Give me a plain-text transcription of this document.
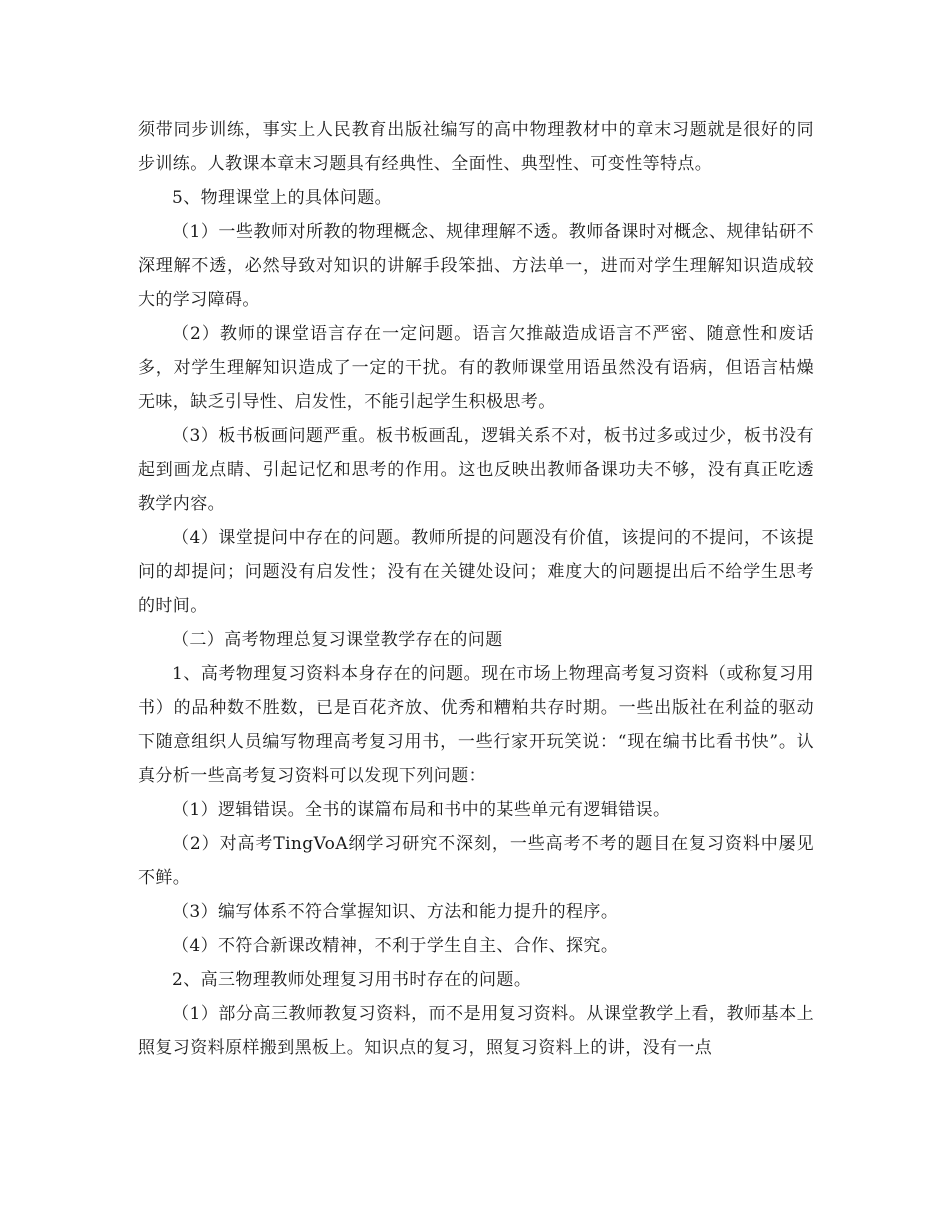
须带同步训练，事实上人民教育出版社编写的高中物理教材中的章末习题就是很好的同步训练。人教课本章末习题具有经典性、全面性、典型性、可变性等特点。

5、物理课堂上的具体问题。

（1）一些教师对所教的物理概念、规律理解不透。教师备课时对概念、规律钻研不深理解不透，必然导致对知识的讲解手段笨拙、方法单一，进而对学生理解知识造成较大的学习障碍。

（2）教师的课堂语言存在一定问题。语言欠推敲造成语言不严密、随意性和废话多，对学生理解知识造成了一定的干扰。有的教师课堂用语虽然没有语病，但语言枯燥无味，缺乏引导性、启发性，不能引起学生积极思考。

（3）板书板画问题严重。板书板画乱，逻辑关系不对，板书过多或过少，板书没有起到画龙点睛、引起记忆和思考的作用。这也反映出教师备课功夫不够，没有真正吃透教学内容。

（4）课堂提问中存在的问题。教师所提的问题没有价值，该提问的不提问，不该提问的却提问；问题没有启发性；没有在关键处设问；难度大的问题提出后不给学生思考的时间。

（二）高考物理总复习课堂教学存在的问题

1、高考物理复习资料本身存在的问题。现在市场上物理高考复习资料（或称复习用书）的品种数不胜数，已是百花齐放、优秀和糟粕共存时期。一些出版社在利益的驱动下随意组织人员编写物理高考复习用书，一些行家开玩笑说：“现在编书比看书快”。认真分析一些高考复习资料可以发现下列问题：

（1）逻辑错误。全书的谋篇布局和书中的某些单元有逻辑错误。

（2）对高考TingVoA纲学习研究不深刻，一些高考不考的题目在复习资料中屡见不鲜。

（3）编写体系不符合掌握知识、方法和能力提升的程序。

（4）不符合新课改精神，不利于学生自主、合作、探究。

2、高三物理教师处理复习用书时存在的问题。

（1）部分高三教师教复习资料，而不是用复习资料。从课堂教学上看，教师基本上照复习资料原样搬到黑板上。知识点的复习，照复习资料上的讲，没有一点
